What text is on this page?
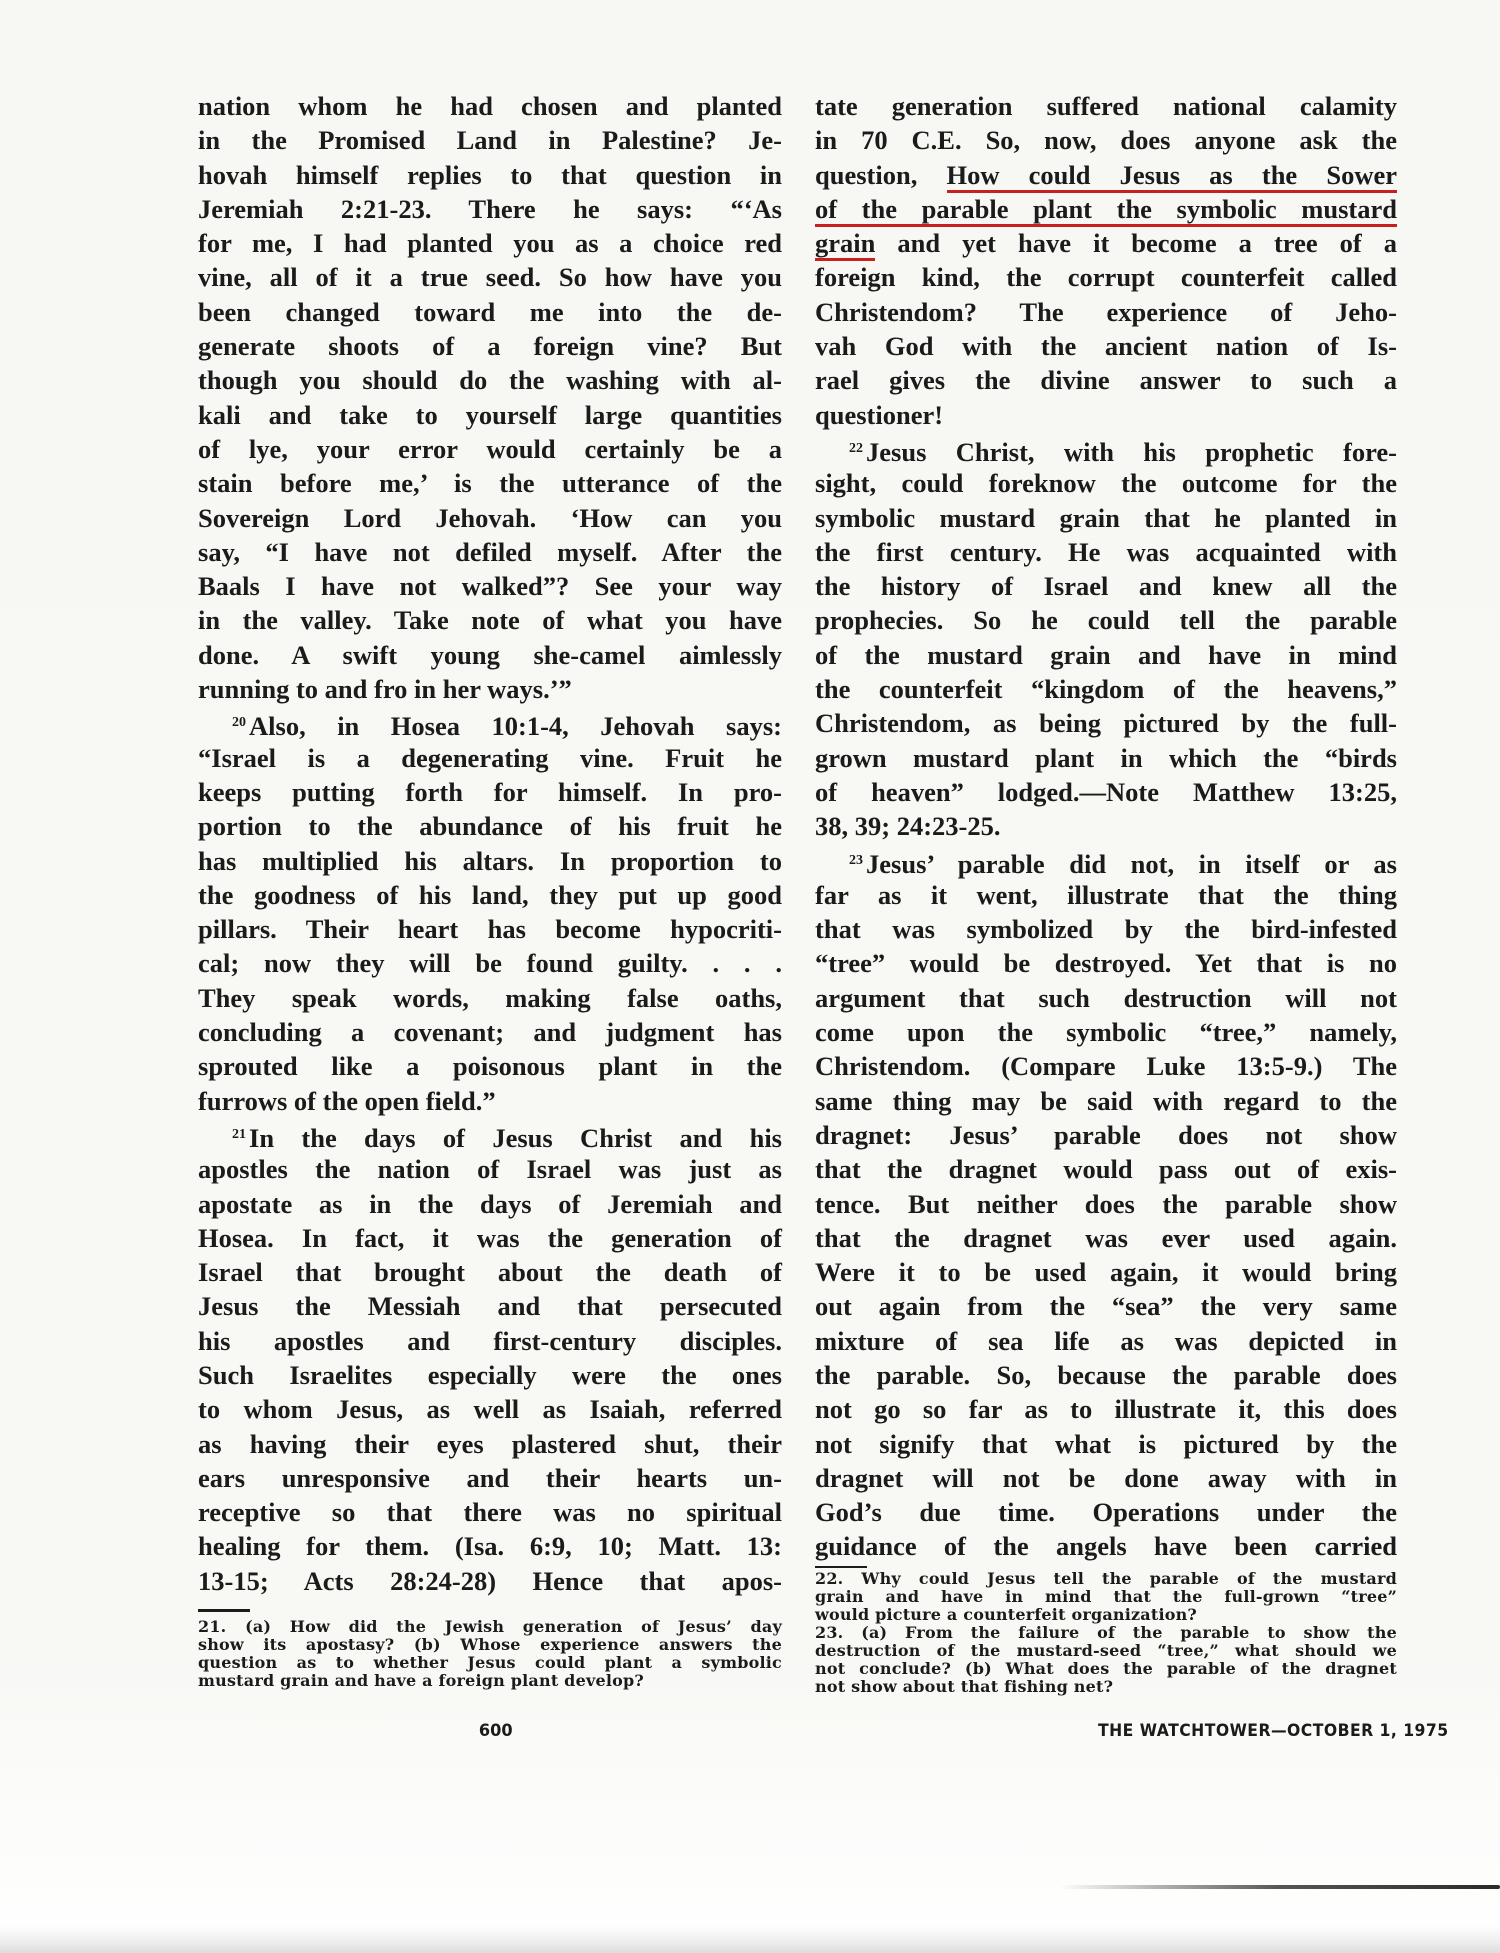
nation whom he had chosen and planted
in the Promised Land in Palestine? Je-
hovah himself replies to that question in
Jeremiah 2:21-23. There he says: “‘As
for me, I had planted you as a choice red
vine, all of it a true seed. So how have you
been changed toward me into the de-
generate shoots of a foreign vine? But
though you should do the washing with al-
kali and take to yourself large quantities
of lye, your error would certainly be a
stain before me,’ is the utterance of the
Sovereign Lord Jehovah. ‘How can you
say, “I have not defiled myself. After the
Baals I have not walked”? See your way
in the valley. Take note of what you have
done. A swift young she-camel aimlessly
running to and fro in her ways.’”
$^{20}$ Also, in Hosea 10:1-4, Jehovah says:
“Israel is a degenerating vine. Fruit he
keeps putting forth for himself. In pro-
portion to the abundance of his fruit he
has multiplied his altars. In proportion to
the goodness of his land, they put up good
pillars. Their heart has become hypocriti-
cal; now they will be found guilty. . . .
They speak words, making false oaths,
concluding a covenant; and judgment has
sprouted like a poisonous plant in the
furrows of the open field.”
$^{21}$ In the days of Jesus Christ and his
apostles the nation of Israel was just as
apostate as in the days of Jeremiah and
Hosea. In fact, it was the generation of
Israel that brought about the death of
Jesus the Messiah and that persecuted
his apostles and first-century disciples.
Such Israelites especially were the ones
to whom Jesus, as well as Isaiah, referred
as having their eyes plastered shut, their
ears unresponsive and their hearts un-
receptive so that there was no spiritual
healing for them. (Isa. 6:9, 10; Matt. 13:
13-15; Acts 28:24-28) Hence that apos-
21. (a) How did the Jewish generation of Jesus’ day
show its apostasy? (b) Whose experience answers the
question as to whether Jesus could plant a symbolic
mustard grain and have a foreign plant develop?
tate generation suffered national calamity
in 70 C.E. So, now, does anyone ask the
question, How could Jesus as the Sower
of the parable plant the symbolic mustard
grain and yet have it become a tree of a
foreign kind, the corrupt counterfeit called
Christendom? The experience of Jeho-
vah God with the ancient nation of Is-
rael gives the divine answer to such a
questioner!
$^{22}$ Jesus Christ, with his prophetic fore-
sight, could foreknow the outcome for the
symbolic mustard grain that he planted in
the first century. He was acquainted with
the history of Israel and knew all the
prophecies. So he could tell the parable
of the mustard grain and have in mind
the counterfeit “kingdom of the heavens,”
Christendom, as being pictured by the full-
grown mustard plant in which the “birds
of heaven” lodged.—Note Matthew 13:25,
38, 39; 24:23-25.
$^{23}$ Jesus’ parable did not, in itself or as
far as it went, illustrate that the thing
that was symbolized by the bird-infested
“tree” would be destroyed. Yet that is no
argument that such destruction will not
come upon the symbolic “tree,” namely,
Christendom. (Compare Luke 13:5-9.) The
same thing may be said with regard to the
dragnet: Jesus’ parable does not show
that the dragnet would pass out of exis-
tence. But neither does the parable show
that the dragnet was ever used again.
Were it to be used again, it would bring
out again from the “sea” the very same
mixture of sea life as was depicted in
the parable. So, because the parable does
not go so far as to illustrate it, this does
not signify that what is pictured by the
dragnet will not be done away with in
God’s due time. Operations under the
guidance of the angels have been carried
22. Why could Jesus tell the parable of the mustard
grain and have in mind that the full-grown “tree”
would picture a counterfeit organization?
23. (a) From the failure of the parable to show the
destruction of the mustard-seed “tree,” what should we
not conclude? (b) What does the parable of the dragnet
not show about that fishing net?
600	THE WATCHTOWER—OCTOBER 1, 1975
